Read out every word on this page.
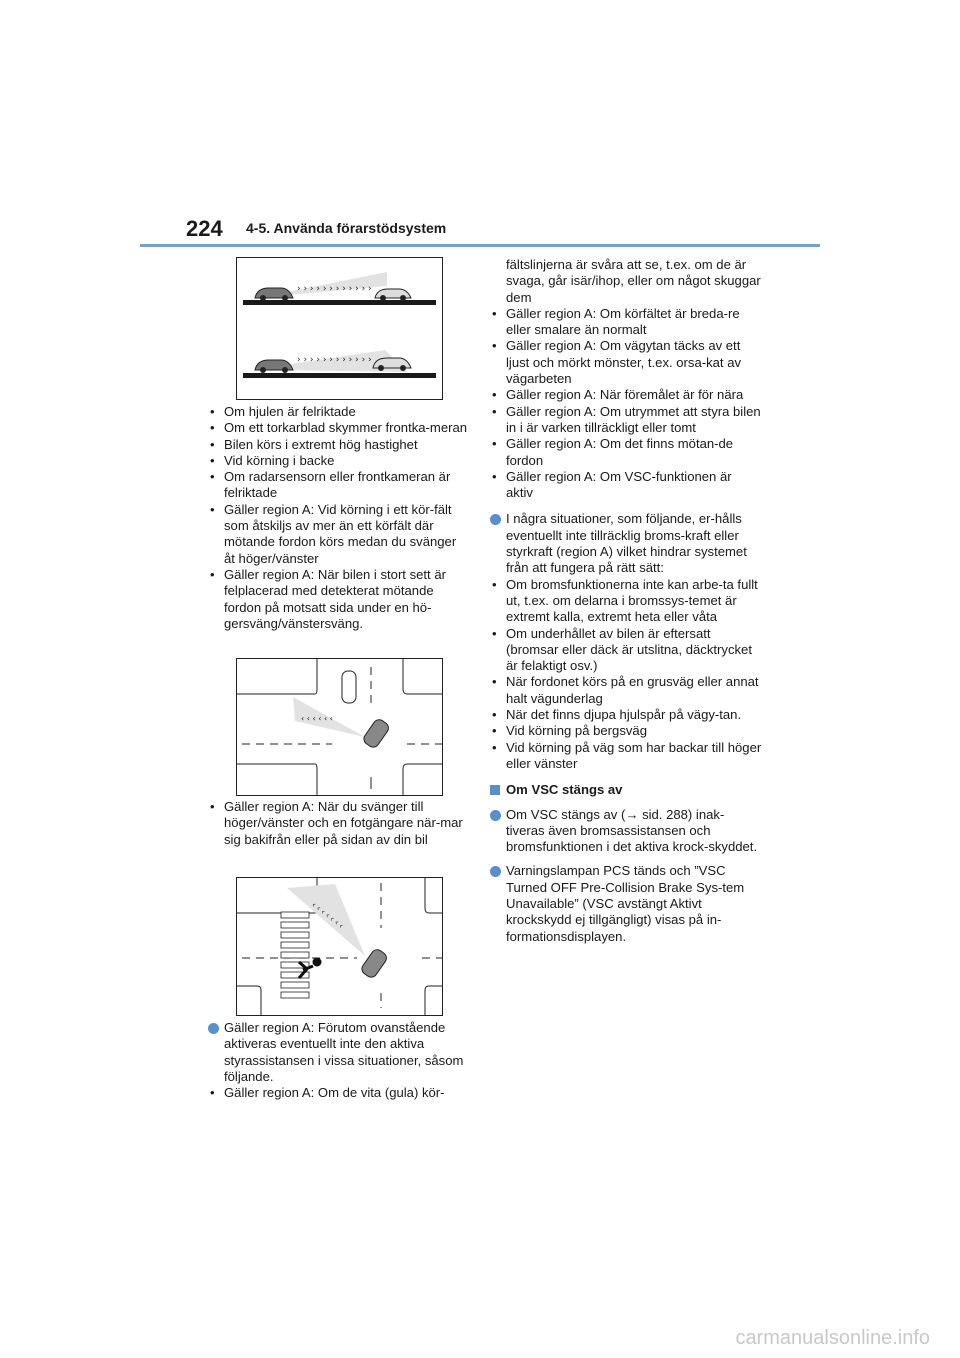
224 4-5. Använda förarstödsystem
› › › › › › › › › › › ›
› › › › › › › › › › › ›
• Om hjulen är felriktade
• Om ett torkarblad skymmer frontka-meran
• Bilen körs i extremt hög hastighet
• Vid körning i backe
• Om radarsensorn eller frontkameran är felriktade
• Gäller region A: Vid körning i ett kör-fält som åtskiljs av mer än ett körfält där mötande fordon körs medan du svänger åt höger/vänster
• Gäller region A: När bilen i stort sett är felplacerad med detekterat mötande fordon på motsatt sida under en hö-gersväng/vänstersväng.
‹ ‹ ‹ ‹ ‹ ‹
• Gäller region A: När du svänger till höger/vänster och en fotgängare när-mar sig bakifrån eller på sidan av din bil
‹ ‹ ‹ ‹ ‹ ‹ ‹
Gäller region A: Förutom ovanstående aktiveras eventuellt inte den aktiva styrassistansen i vissa situationer, såsom följande.
• Gäller region A: Om de vita (gula) kör-
fältslinjerna är svåra att se, t.ex. om de är svaga, går isär/ihop, eller om något skuggar dem
• Gäller region A: Om körfältet är breda-re eller smalare än normalt
• Gäller region A: Om vägytan täcks av ett ljust och mörkt mönster, t.ex. orsa-kat av vägarbeten
• Gäller region A: När föremålet är för nära
• Gäller region A: Om utrymmet att styra bilen in i är varken tillräckligt eller tomt
• Gäller region A: Om det finns mötan-de fordon
• Gäller region A: Om VSC-funktionen är aktiv
I några situationer, som följande, er-hålls eventuellt inte tillräcklig broms-kraft eller styrkraft (region A) vilket hindrar systemet från att fungera på rätt sätt:
• Om bromsfunktionerna inte kan arbe-ta fullt ut, t.ex. om delarna i bromssys-temet är extremt kalla, extremt heta eller våta
• Om underhållet av bilen är eftersatt (bromsar eller däck är utslitna, däcktrycket är felaktigt osv.)
• När fordonet körs på en grusväg eller annat halt vägunderlag
• När det finns djupa hjulspår på vägy-tan.
• Vid körning på bergsväg
• Vid körning på väg som har backar till höger eller vänster
Om VSC stängs av
Om VSC stängs av (→ sid. 288) inak-tiveras även bromsassistansen och bromsfunktionen i det aktiva krock-skyddet.
Varningslampan PCS tänds och ”VSC Turned OFF Pre-Collision Brake Sys-tem Unavailable” (VSC avstängt Aktivt krockskydd ej tillgängligt) visas på in-formationsdisplayen.
carmanualsonline.info
